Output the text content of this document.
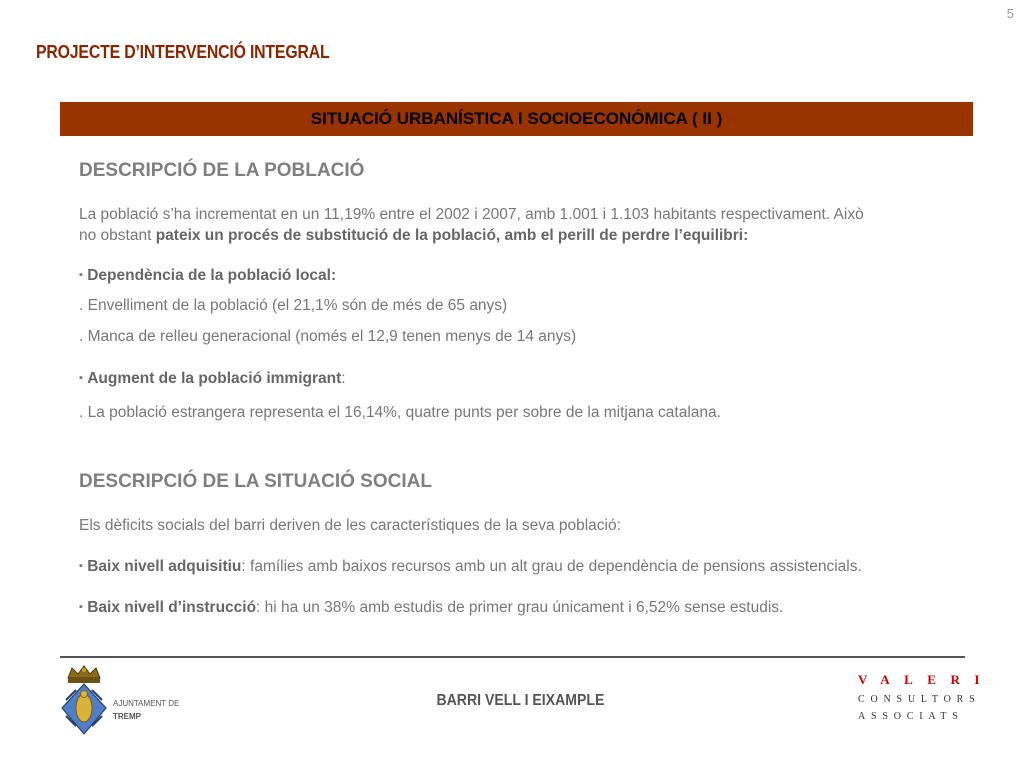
5
PROJECTE D’INTERVENCIÓ INTEGRAL
SITUACIÓ URBANÍSTICA I SOCIOECONÓMICA ( II )
DESCRIPCIÓ DE LA POBLACIÓ
La població s’ha incrementat en un 11,19% entre el 2002 i 2007, amb 1.001 i 1.103 habitants respectivament. Això
no obstant pateix un procés de substitució de la població, amb el perill de perdre l’equilibri:
▪ Dependència de la població local:
. Envelliment de la població (el 21,1% són de més de 65 anys)
. Manca de relleu generacional (només el 12,9 tenen menys de 14 anys)
▪ Augment de la població immigrant:
. La població estrangera representa el 16,14%, quatre punts per sobre de la mitjana catalana.
DESCRIPCIÓ DE LA SITUACIÓ SOCIAL
Els dèficits socials del barri deriven de les característiques de la seva població:
▪ Baix nivell adquisitiu: famílies amb baixos recursos amb un alt grau de dependència de pensions assistencials.
▪ Baix nivell d’instrucció: hi ha un 38% amb estudis de primer grau únicament i 6,52% sense estudis.
AJUNTAMENT DE
TREMP
BARRI VELL I EIXAMPLE
VALERI
CONSULTORS
ASSOCIATS
